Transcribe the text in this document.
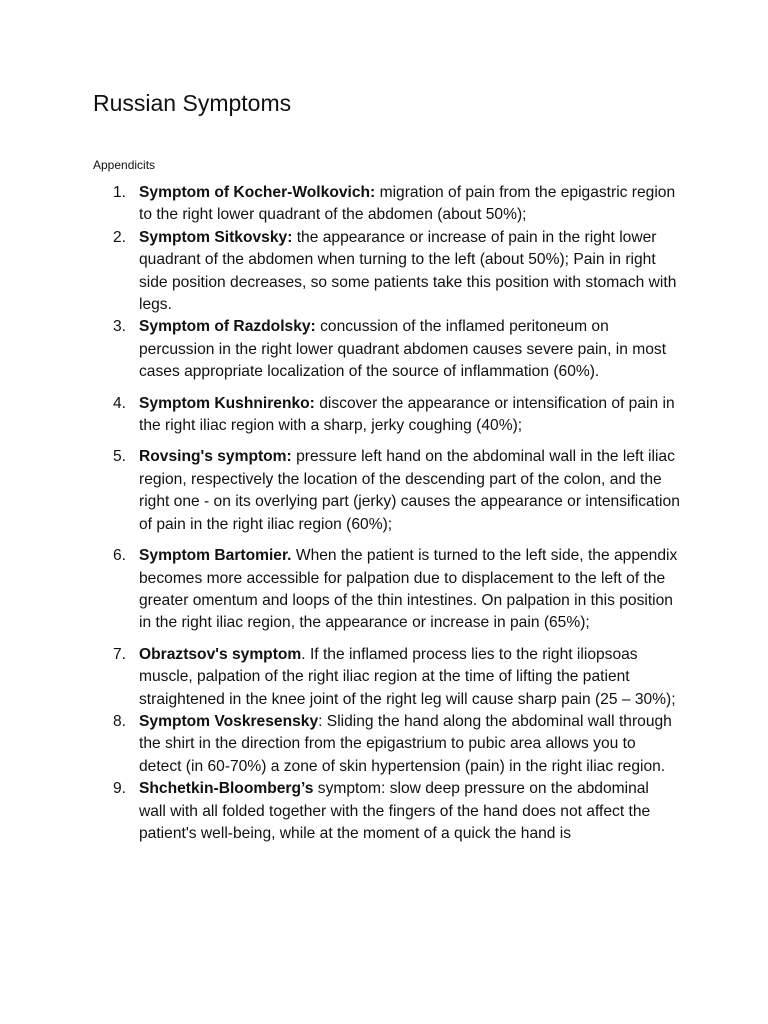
Russian Symptoms

Appendicits

1. Symptom of Kocher-Wolkovich: migration of pain from the epigastric region to the right lower quadrant of the abdomen (about 50%);
2. Symptom Sitkovsky: the appearance or increase of pain in the right lower quadrant of the abdomen when turning to the left (about 50%); Pain in right side position decreases, so some patients take this position with stomach with legs.
3. Symptom of Razdolsky: concussion of the inflamed peritoneum on percussion in the right lower quadrant abdomen causes severe pain, in most cases appropriate localization of the source of inflammation (60%).
4. Symptom Kushnirenko: discover the appearance or intensification of pain in the right iliac region with a sharp, jerky coughing (40%);
5. Rovsing's symptom: pressure left hand on the abdominal wall in the left iliac region, respectively the location of the descending part of the colon, and the right one - on its overlying part (jerky) causes the appearance or intensification of pain in the right iliac region (60%);
6. Symptom Bartomier. When the patient is turned to the left side, the appendix becomes more accessible for palpation due to displacement to the left of the greater omentum and loops of the thin intestines. On palpation in this position in the right iliac region, the appearance or increase in pain (65%);
7. Obraztsov's symptom. If the inflamed process lies to the right iliopsoas muscle, palpation of the right iliac region at the time of lifting the patient straightened in the knee joint of the right leg will cause sharp pain (25 – 30%);
8. Symptom Voskresensky: Sliding the hand along the abdominal wall through the shirt in the direction from the epigastrium to pubic area allows you to detect (in 60-70%) a zone of skin hypertension (pain) in the right iliac region.
9. Shchetkin-Bloomberg’s symptom: slow deep pressure on the abdominal wall with all folded together with the fingers of the hand does not affect the patient's well-being, while at the moment of a quick the hand is
